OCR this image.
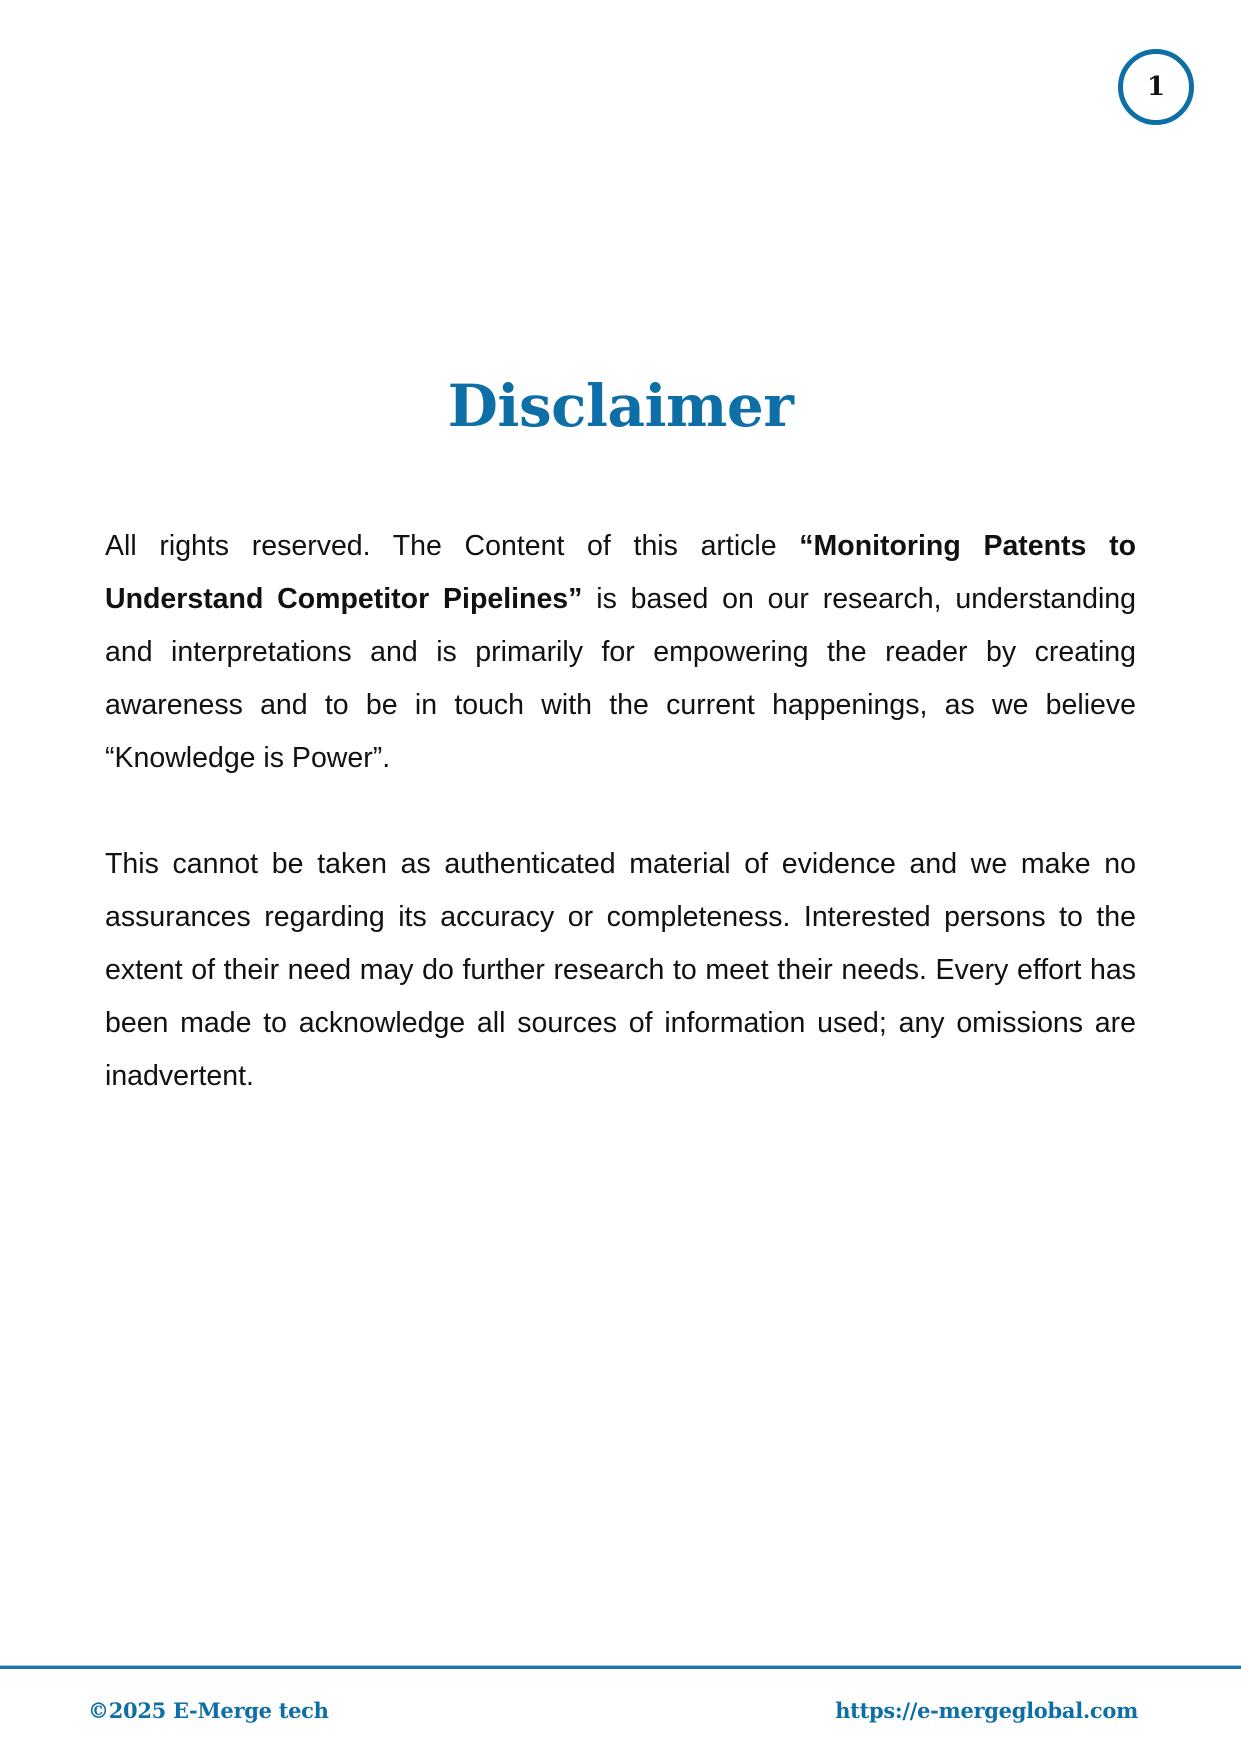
1
Disclaimer

All rights reserved. The Content of this article “Monitoring Patents to Understand Competitor Pipelines” is based on our research, understanding and interpretations and is primarily for empowering the reader by creating awareness and to be in touch with the current happenings, as we believe “Knowledge is Power”.

This cannot be taken as authenticated material of evidence and we make no assurances regarding its accuracy or completeness. Interested persons to the extent of their need may do further research to meet their needs. Every effort has been made to acknowledge all sources of information used; any omissions are inadvertent.

©2025 E-Merge tech	https://e-mergeglobal.com
